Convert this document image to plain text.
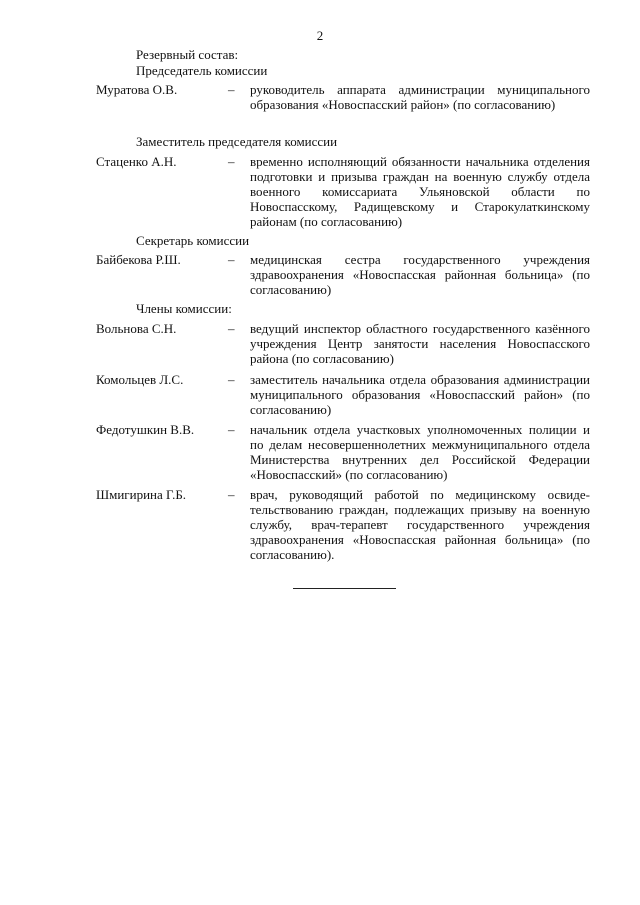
2
Резервный состав:
Председатель комиссии
Муратова О.В.	– руководитель аппарата администрации муниципального образования «Новоспасский район» (по согласованию)
Заместитель председателя комиссии
Стаценко А.Н.	– временно исполняющий обязанности начальника отделения подготовки и призыва граждан на военную службу отдела военного комиссариата Ульяновской области по Новоспасскому, Радищевскому и Старокулаткинскому районам (по согласованию)
Секретарь комиссии
Байбекова Р.Ш.	– медицинская сестра государственного учреждения здравоохранения «Новоспасская районная больница» (по согласованию)
Члены комиссии:
Вольнова С.Н.	– ведущий инспектор областного государственного казённого учреждения Центр занятости населения Новоспасского района (по согласованию)
Комольцев Л.С.	– заместитель начальника отдела образования администрации муниципального образования «Новоспасский район» (по согласованию)
Федотушкин В.В.	– начальник отдела участковых уполномоченных полиции и по делам несовершеннолетних межмуниципального отдела Министерства внутренних дел Российской Федерации «Новоспасский» (по согласованию)
Шмигирина Г.Б.	– врач, руководящий работой по медицинскому освидетельствованию граждан, подлежащих призыву на военную службу, врач-терапевт государственного учреждения здравоохранения «Новоспасская районная больница» (по согласованию).
